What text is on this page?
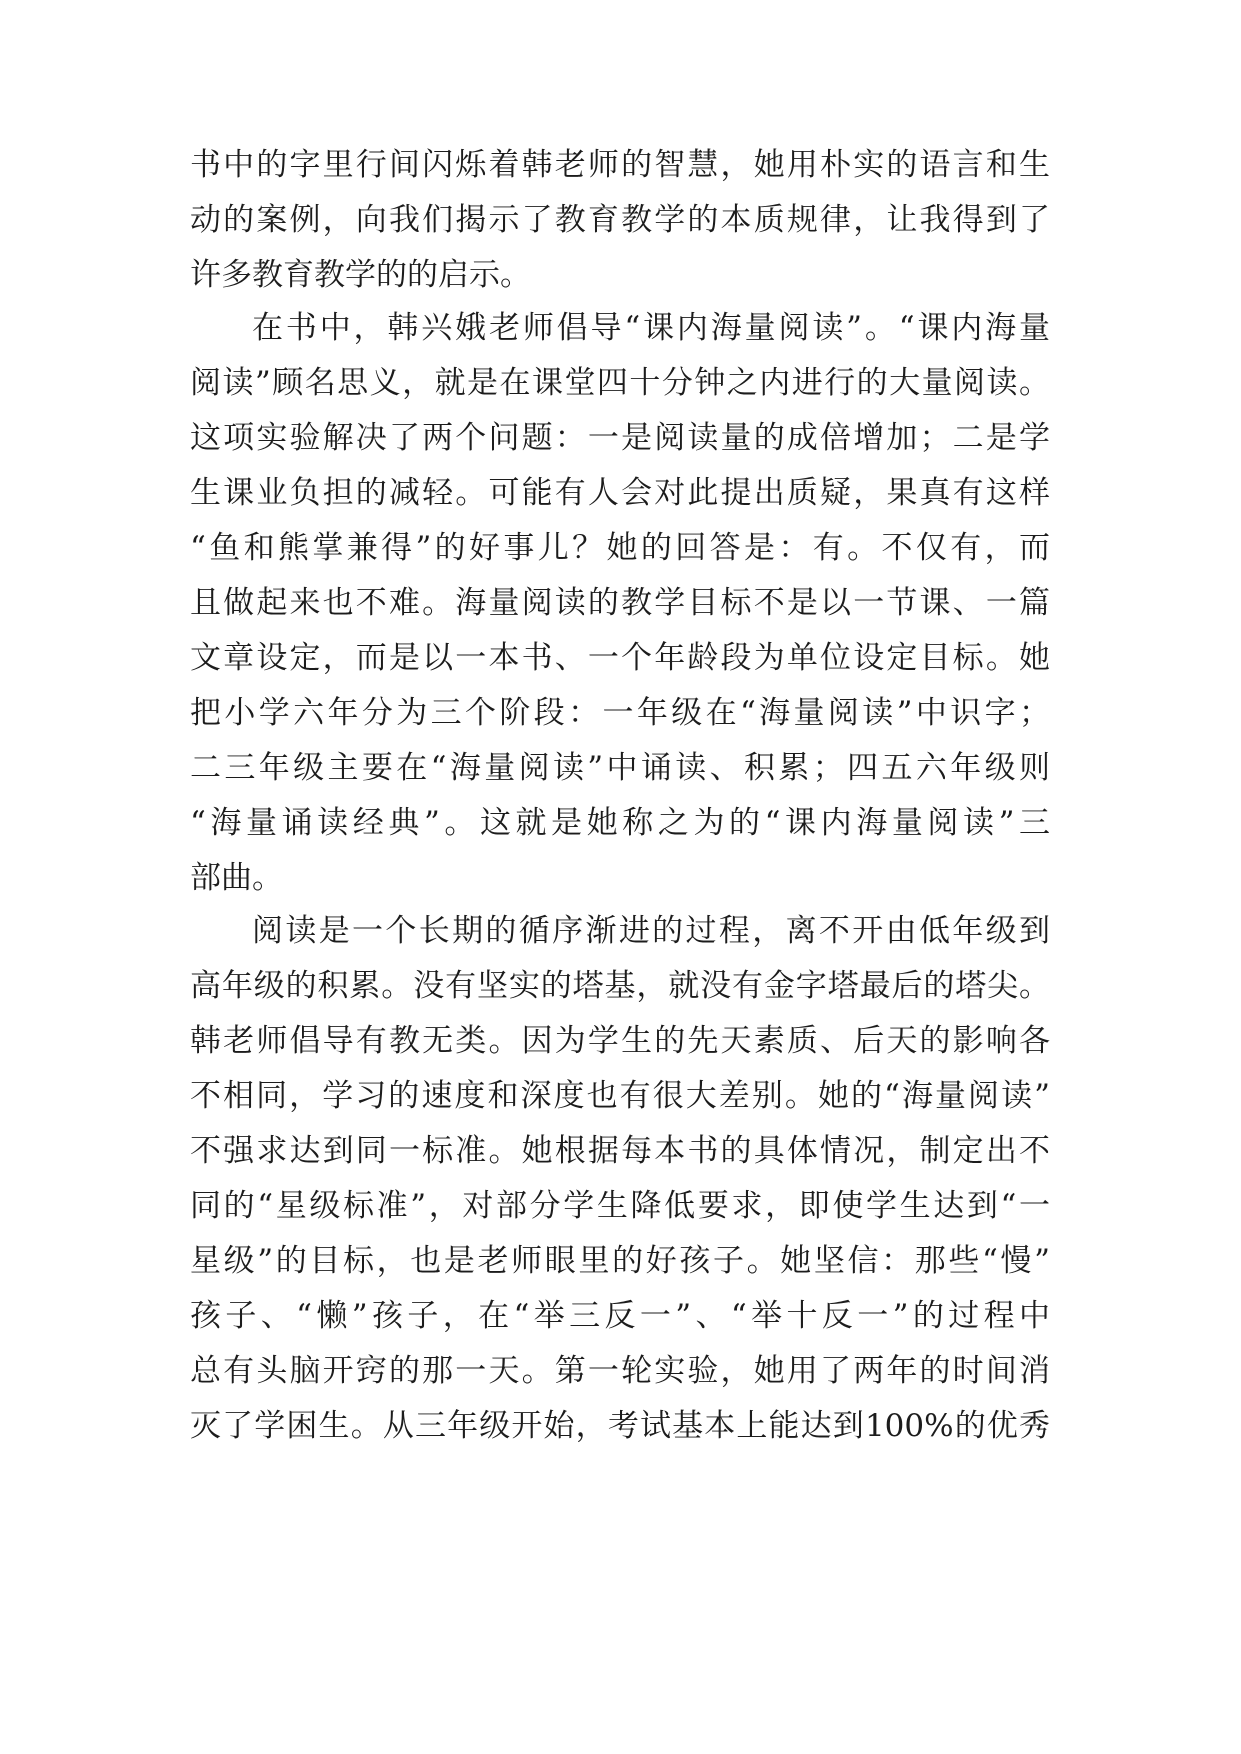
书中的字里行间闪烁着韩老师的智慧，她用朴实的语言和生
动的案例，向我们揭示了教育教学的本质规律，让我得到了
许多教育教学的的启示。
在书中，韩兴娥老师倡导“课内海量阅读”。“课内海量
阅读”顾名思义，就是在课堂四十分钟之内进行的大量阅读。
这项实验解决了两个问题：一是阅读量的成倍增加；二是学
生课业负担的减轻。可能有人会对此提出质疑，果真有这样
“鱼和熊掌兼得”的好事儿？她的回答是：有。不仅有，而
且做起来也不难。海量阅读的教学目标不是以一节课、一篇
文章设定，而是以一本书、一个年龄段为单位设定目标。她
把小学六年分为三个阶段：一年级在“海量阅读”中识字；
二三年级主要在“海量阅读”中诵读、积累；四五六年级则
“海量诵读经典”。这就是她称之为的“课内海量阅读”三
部曲。
阅读是一个长期的循序渐进的过程，离不开由低年级到
高年级的积累。没有坚实的塔基，就没有金字塔最后的塔尖。
韩老师倡导有教无类。因为学生的先天素质、后天的影响各
不相同，学习的速度和深度也有很大差别。她的“海量阅读”
不强求达到同一标准。她根据每本书的具体情况，制定出不
同的“星级标准”，对部分学生降低要求，即使学生达到“一
星级”的目标，也是老师眼里的好孩子。她坚信：那些“慢”
孩子、“懒”孩子，在“举三反一”、“举十反一”的过程中
总有头脑开窍的那一天。第一轮实验，她用了两年的时间消
灭了学困生。从三年级开始，考试基本上能达到100%的优秀
